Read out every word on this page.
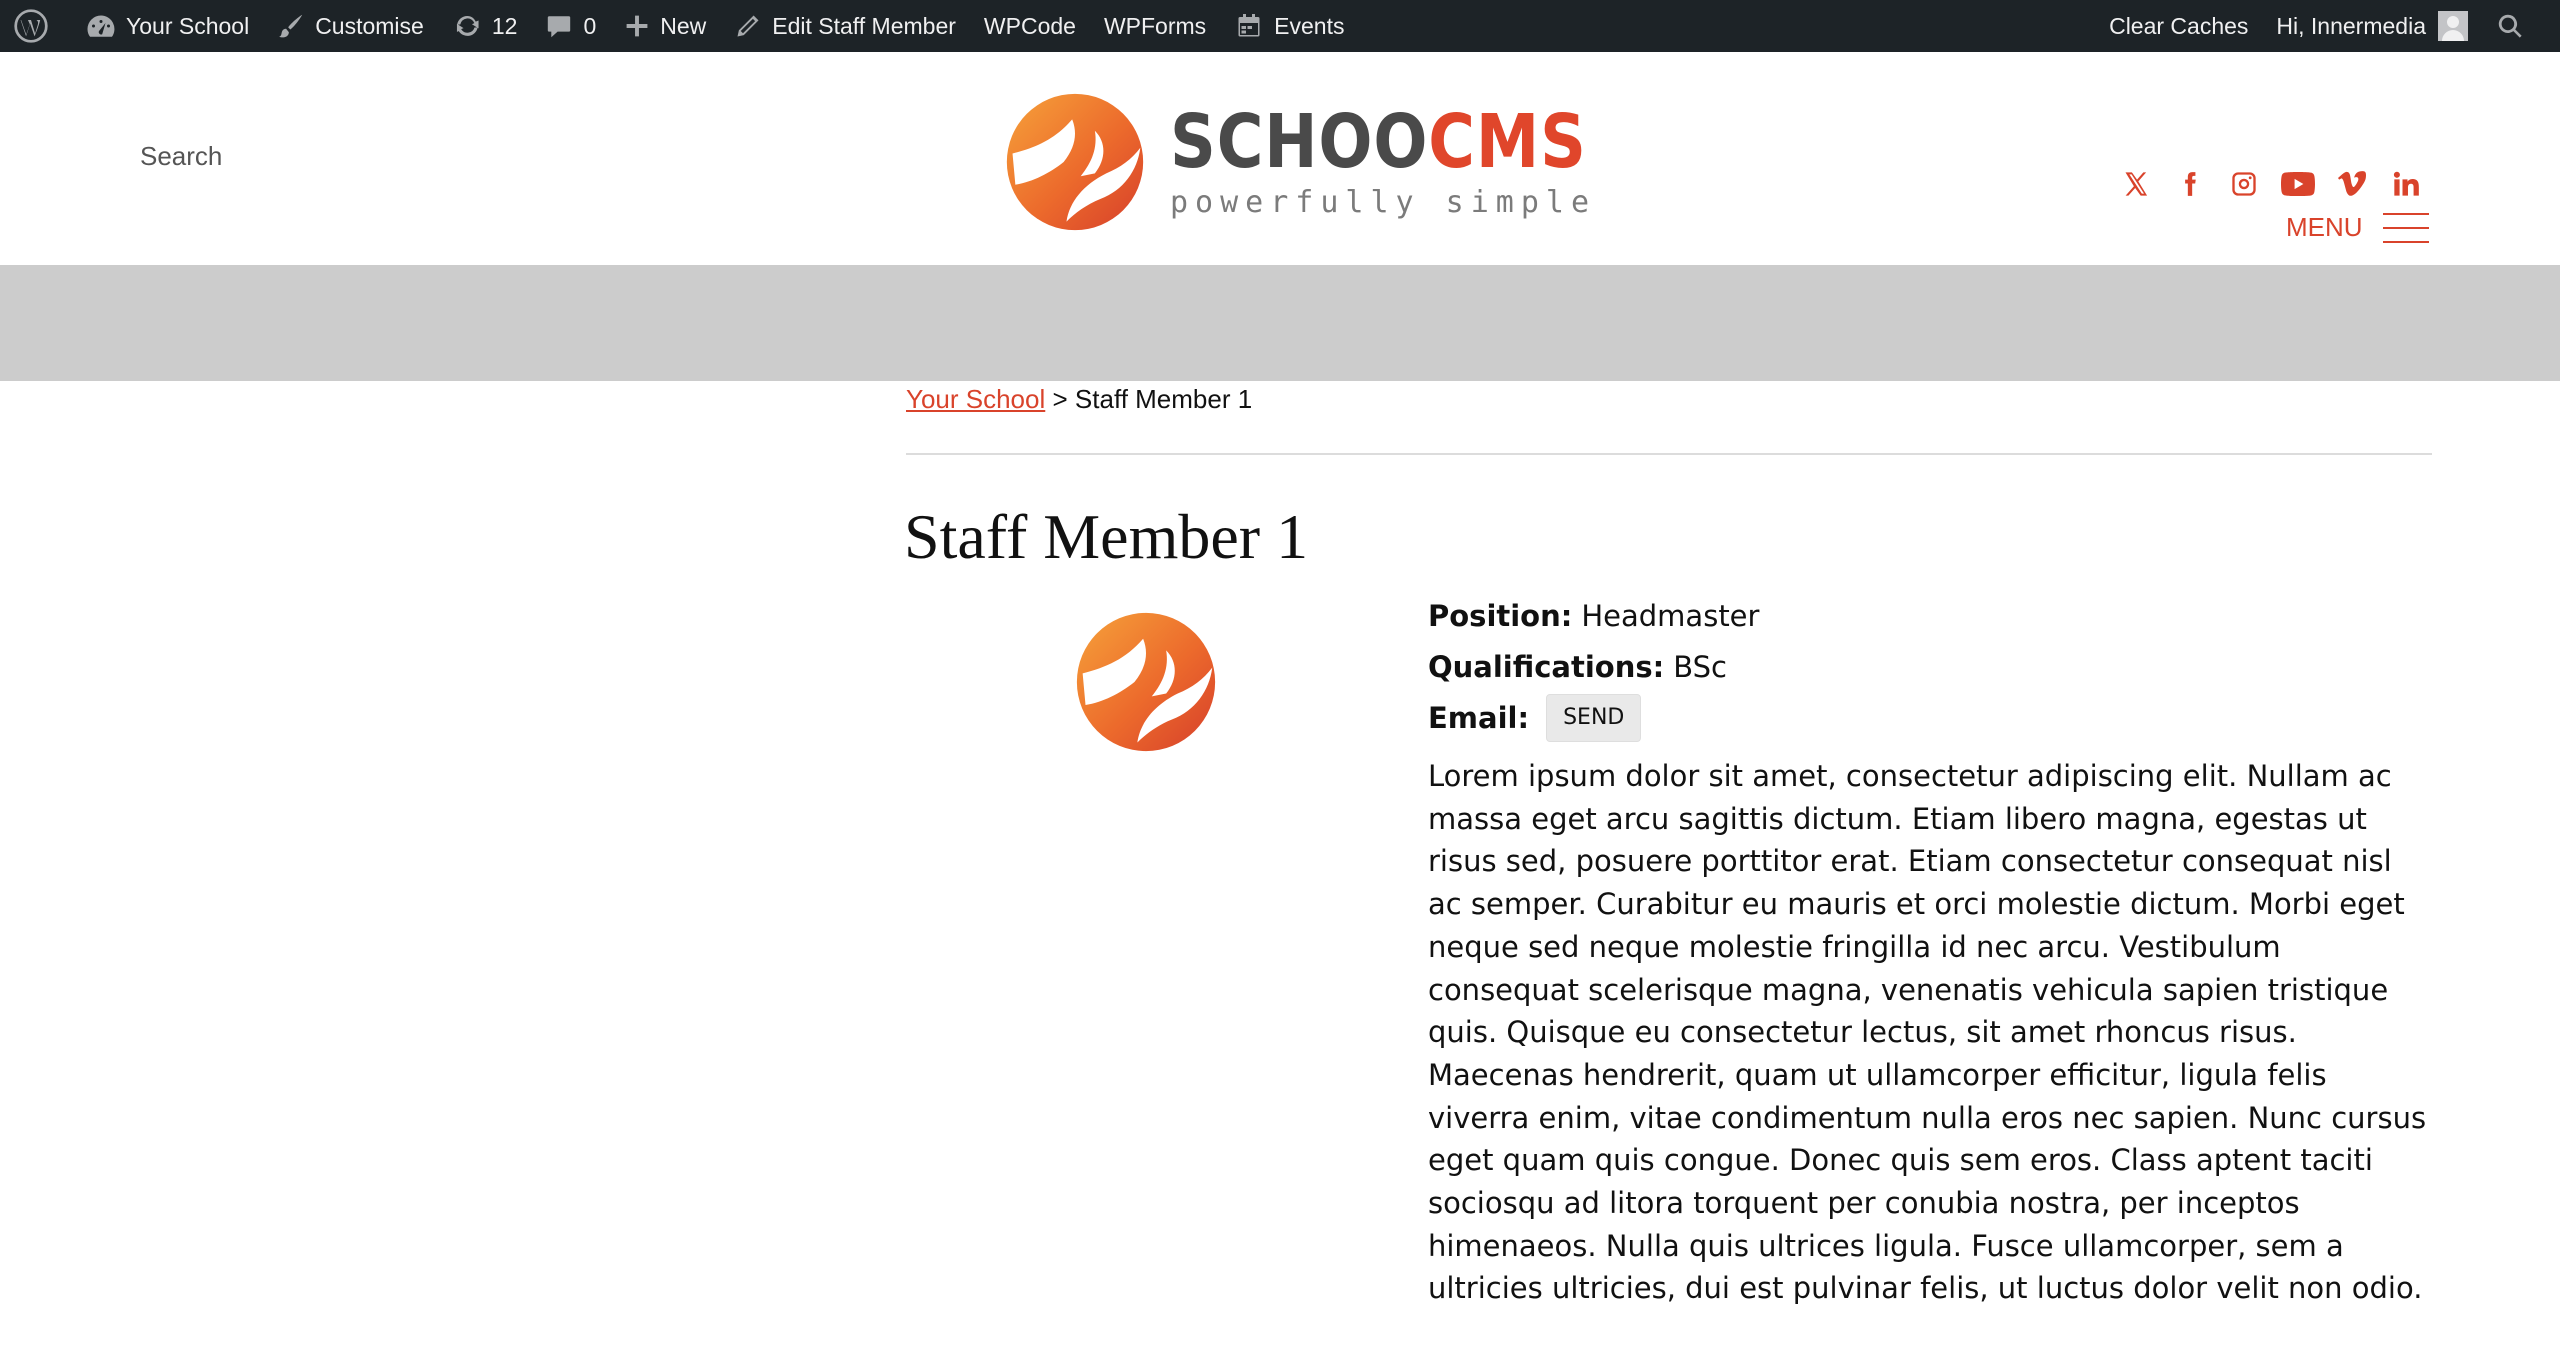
Your School	Customise	12	0	New	Edit Staff Member WPCode WPForms	Events	Clear Caches Hi, Innermedia
Search	SCHOOCMS
powerfully simple
MENU
Your School > Staff Member 1
Staff Member 1
Position: Headmaster
Qualifications: BSc
Email:	SEND

Lorem ipsum dolor sit amet, consectetur adipiscing elit. Nullam ac massa eget arcu sagittis dictum. Etiam libero magna, egestas ut risus sed, posuere porttitor erat. Etiam consectetur consequat nisl ac semper. Curabitur eu mauris et orci molestie dictum. Morbi eget neque sed neque molestie fringilla id nec arcu. Vestibulum consequat scelerisque magna, venenatis vehicula sapien tristique quis. Quisque eu consectetur lectus, sit amet rhoncus risus. Maecenas hendrerit, quam ut ullamcorper efficitur, ligula felis viverra enim, vitae condimentum nulla eros nec sapien. Nunc cursus eget quam quis congue. Donec quis sem eros. Class aptent taciti sociosqu ad litora torquent per conubia nostra, per inceptos himenaeos. Nulla quis ultrices ligula. Fusce ullamcorper, sem a ultricies ultricies, dui est pulvinar felis, ut luctus dolor velit non odio.
